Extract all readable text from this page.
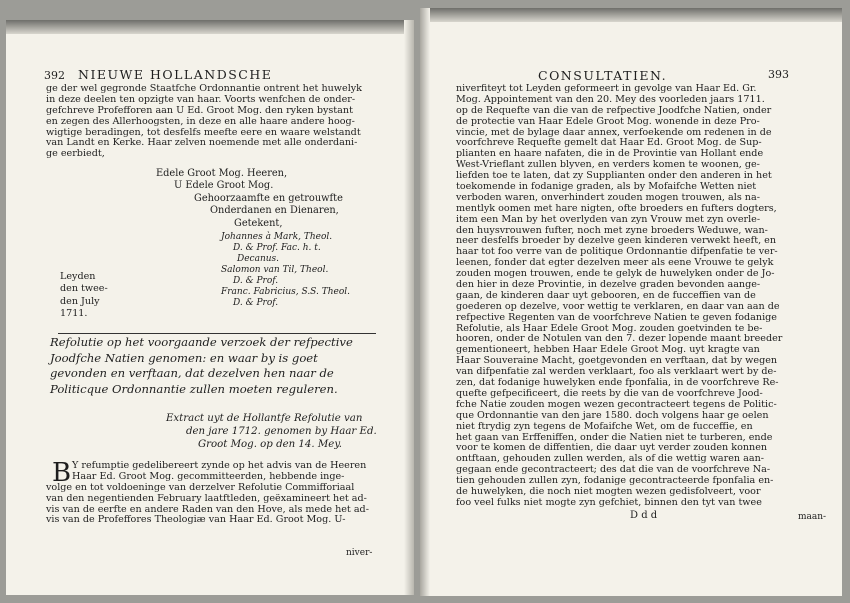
392 NIEUWE HOLLANDSCHE
ge der wel gegronde Staatfche Ordonnantie ontrent het huwelyk
in deze deelen ten opzigte van haar. Voorts wenfchen de onder-
gefchreve Profefforen aan U Ed. Groot Mog. den ryken bystant
en zegen des Allerhoogsten, in deze en alle haare andere hoog-
wigtige beradingen, tot desfelfs meefte eere en waare welstandt
van Landt en Kerke. Haar zelven noemende met alle onderdani-
ge eerbiedt,
Edele Groot Mog. Heeren,
U Edele Groot Mog.
Gehoorzaamfte en getrouwfte
Onderdanen en Dienaren,
Getekent,
Johannes à Mark, Theol.
D. & Prof. Fac. h. t.
Decanus.
Salomon van Til, Theol.
D. & Prof.
Franc. Fabricius, S.S. Theol.
D. & Prof.
Leyden
den twee-
den July
1711.
Refolutie op het voorgaande verzoek der refpective
Joodfche Natien genomen: en waar by is goet
gevonden en verftaan, dat dezelven hen naar de
Politicque Ordonnantie zullen moeten reguleren.
Extract uyt de Hollantfe Refolutie van
den jare 1712. genomen by Haar Ed.
Groot Mog. op den 14. Mey.
B Y refumptie gedelibereert zynde op het advis van de Heeren
Haar Ed. Groot Mog. gecommitteerden, hebbende inge-
volge en tot voldoeninge van derzelver Refolutie Commifforiaal
van den negentienden February laatftleden, geëxamineert het ad-
vis van de eerfte en andere Raden van den Hove, als mede het ad-
vis van de Profeffores Theologiæ van Haar Ed. Groot Mog. U-
niver-
CONSULTATIEN.	393
niverfiteyt tot Leyden geformeert in gevolge van Haar Ed. Gr.
Mog. Appointement van den 20. Mey des voorleden jaars 1711.
op de Requefte van die van de refpective Joodfche Natien, onder
de protectie van Haar Edele Groot Mog. wonende in deze Pro-
vincie, met de bylage daar annex, verfoekende om redenen in de
voorfchreve Requefte gemelt dat Haar Ed. Groot Mog. de Sup-
plianten en haare nafaten, die in de Provintie van Hollant ende
West-Vrieflant zullen blyven, en verders komen te woonen, ge-
liefden toe te laten, dat zy Supplianten onder den anderen in het
toekomende in fodanige graden, als by Mofaifche Wetten niet
verboden waren, onverhindert zouden mogen trouwen, als na-
mentlyk oomen met hare nigten, ofte broeders en fufters dogters,
item een Man by het overlyden van zyn Vrouw met zyn overle-
den huysvrouwen fufter, noch met zyne broeders Weduwe, wan-
neer desfelfs broeder by dezelve geen kinderen verwekt heeft, en
haar tot foo verre van de politique Ordonnantie difpenfatie te ver-
leenen, fonder dat egter dezelven meer als eene Vrouwe te gelyk
zouden mogen trouwen, ende te gelyk de huwelyken onder de Jo-
den hier in deze Provintie, in dezelve graden bevonden aange-
gaan, de kinderen daar uyt gebooren, en de fucceffien van de
goederen op dezelve, voor wettig te verklaren, en daar van aan de
refpective Regenten van de voorfchreve Natien te geven fodanige
Refolutie, als Haar Edele Groot Mog. zouden goetvinden te be-
hooren, onder de Notulen van den 7. dezer lopende maant breeder
gementioneert, hebben Haar Edele Groot Mog. uyt kragte van
Haar Souveraine Macht, goetgevonden en verftaan, dat by wegen
van difpenfatie zal werden verklaart, foo als verklaart wert by de-
zen, dat fodanige huwelyken ende fponfalia, in de voorfchreve Re-
quefte gefpecificeert, die reets by die van de voorfchreve Jood-
fche Natie zouden mogen wezen gecontracteert tegens de Politic-
que Ordonnantie van den jare 1580. doch volgens haar ge oelen
niet ftrydig zyn tegens de Mofaifche Wet, om de fucceffie, en
het gaan van Erffeniffen, onder die Natien niet te turberen, ende
voor te komen de diffentien, die daar uyt verder zouden konnen
ontftaan, gehouden zullen werden, als of die wettig waren aan-
gegaan ende gecontracteert; des dat die van de voorfchreve Na-
tien gehouden zullen zyn, fodanige gecontracteerde fponfalia en-
de huwelyken, die noch niet mogten wezen gedisfolveert, voor
foo veel fulks niet mogte zyn gefchiet, binnen den tyt van twee
D d d	maan-
